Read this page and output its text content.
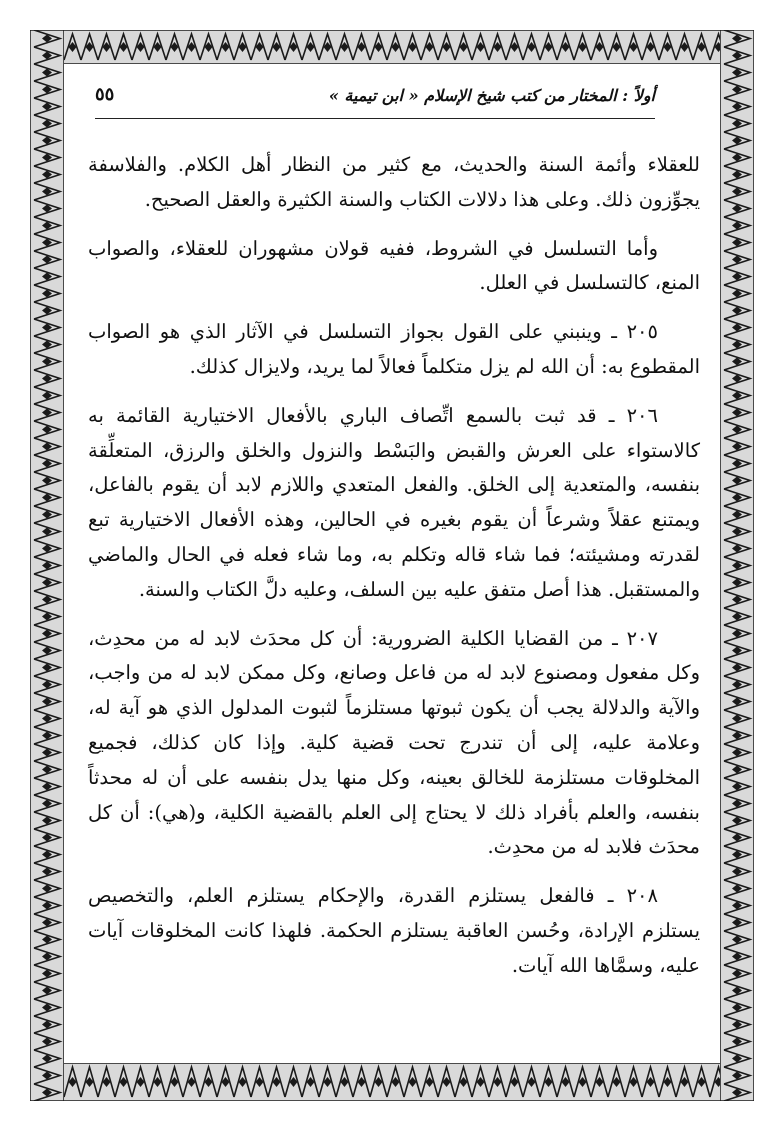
أولاً : المختار من كتب شيخ الإسلام « ابن تيمية »
٥٥

للعقلاء وأئمة السنة والحديث، مع كثير من النظار أهل الكلام. والفلاسفة يجوِّزون ذلك. وعلى هذا دلالات الكتاب والسنة الكثيرة والعقل الصحيح.

وأما التسلسل في الشروط، ففيه قولان مشهوران للعقلاء، والصواب المنع، كالتسلسل في العلل.

٢٠٥ ـ وينبني على القول بجواز التسلسل في الآثار الذي هو الصواب المقطوع به: أن الله لم يزل متكلماً فعالاً لما يريد، ولايزال كذلك.

٢٠٦ ـ قد ثبت بالسمع اتِّصاف الباري بالأفعال الاختيارية القائمة به كالاستواء على العرش والقبض والبَسْط والنزول والخلق والرزق، المتعلِّقة بنفسه، والمتعدية إلى الخلق. والفعل المتعدي واللازم لابد أن يقوم بالفاعل، ويمتنع عقلاً وشرعاً أن يقوم بغيره في الحالين، وهذه الأفعال الاختيارية تبع لقدرته ومشيئته؛ فما شاء قاله وتكلم به، وما شاء فعله في الحال والماضي والمستقبل. هذا أصل متفق عليه بين السلف، وعليه دلَّ الكتاب والسنة.

٢٠٧ ـ من القضايا الكلية الضرورية: أن كل محدَث لابد له من محدِث، وكل مفعول ومصنوع لابد له من فاعل وصانع، وكل ممكن لابد له من واجب، والآية والدلالة يجب أن يكون ثبوتها مستلزماً لثبوت المدلول الذي هو آية له، وعلامة عليه، إلى أن تندرج تحت قضية كلية. وإذا كان كذلك، فجميع المخلوقات مستلزمة للخالق بعينه، وكل منها يدل بنفسه على أن له محدثاً بنفسه، والعلم بأفراد ذلك لا يحتاج إلى العلم بالقضية الكلية، و(هي): أن كل محدَث فلابد له من محدِث.

٢٠٨ ـ فالفعل يستلزم القدرة، والإحكام يستلزم العلم، والتخصيص يستلزم الإرادة، وحُسن العاقبة يستلزم الحكمة. فلهذا كانت المخلوقات آيات عليه، وسمَّاها الله آيات.
